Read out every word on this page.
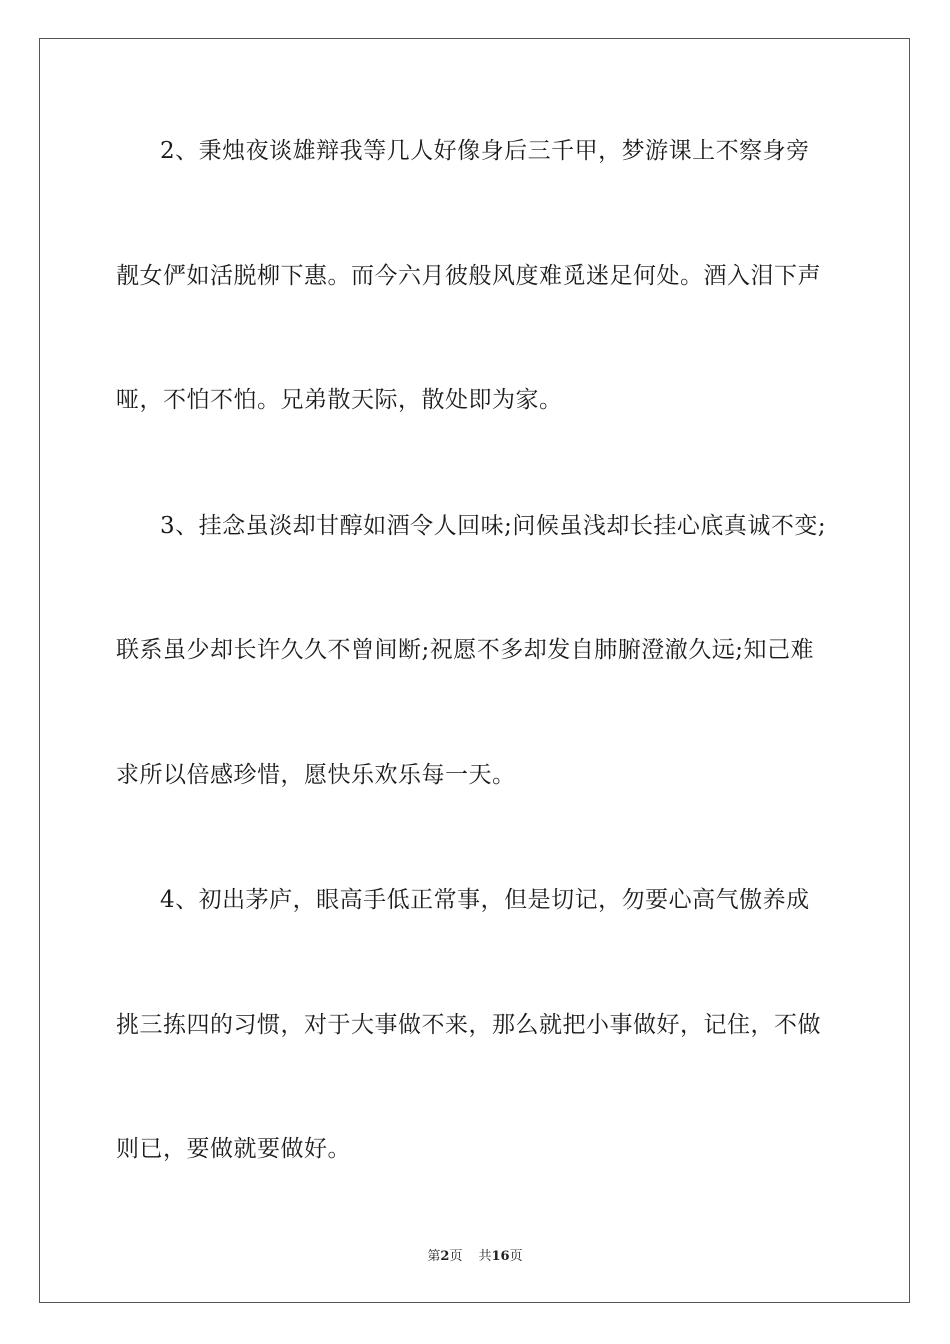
2、秉烛夜谈雄辩我等几人好像身后三千甲，梦游课上不察身旁
靓女俨如活脱柳下惠。而今六月彼般风度难觅迷足何处。酒入泪下声
哑，不怕不怕。兄弟散天际，散处即为家。
3、挂念虽淡却甘醇如酒令人回味;问候虽浅却长挂心底真诚不变;
联系虽少却长许久久不曾间断;祝愿不多却发自肺腑澄澈久远;知己难
求所以倍感珍惜，愿快乐欢乐每一天。
4、初出茅庐，眼高手低正常事，但是切记，勿要心高气傲养成
挑三拣四的习惯，对于大事做不来，那么就把小事做好，记住，不做
则已，要做就要做好。
第2页 共16页
